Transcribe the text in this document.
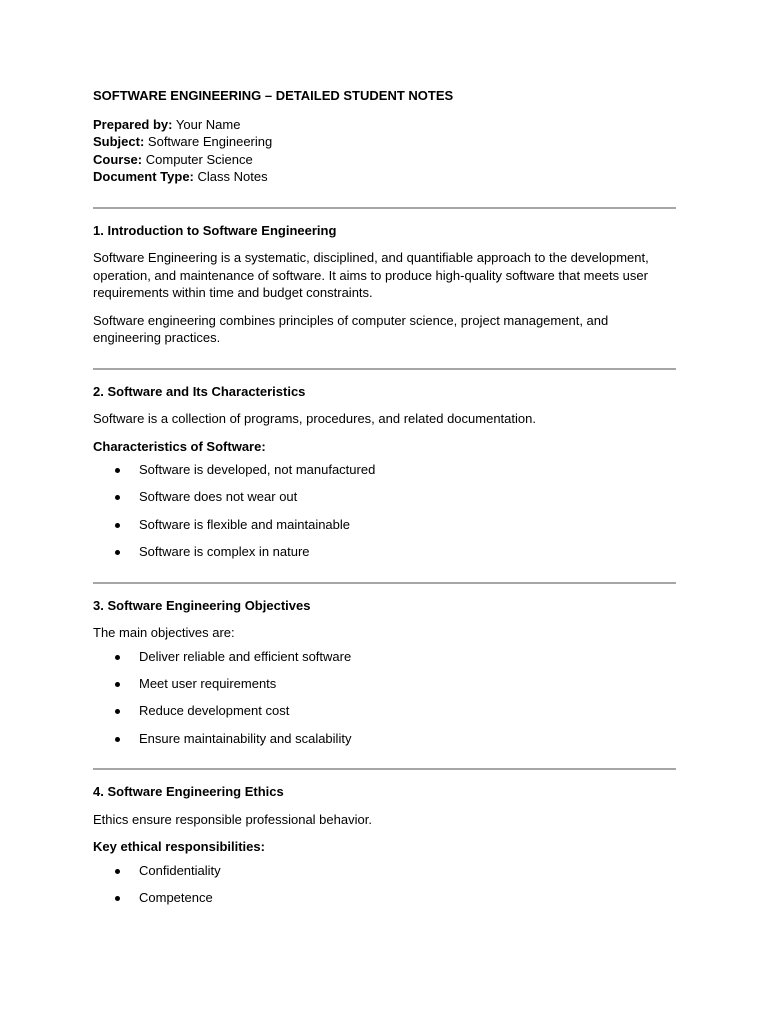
SOFTWARE ENGINEERING – DETAILED STUDENT NOTES

Prepared by: Your Name

Subject: Software Engineering

Course: Computer Science

Document Type: Class Notes

1. Introduction to Software Engineering

Software Engineering is a systematic, disciplined, and quantifiable approach to the development, operation, and maintenance of software. It aims to produce high-quality software that meets user requirements within time and budget constraints.

Software engineering combines principles of computer science, project management, and engineering practices.

2. Software and Its Characteristics

Software is a collection of programs, procedures, and related documentation.

Characteristics of Software:

Software is developed, not manufactured
Software does not wear out
Software is flexible and maintainable
Software is complex in nature
3. Software Engineering Objectives

The main objectives are:

Deliver reliable and efficient software
Meet user requirements
Reduce development cost
Ensure maintainability and scalability
4. Software Engineering Ethics

Ethics ensure responsible professional behavior.

Key ethical responsibilities:

Confidentiality
Competence
